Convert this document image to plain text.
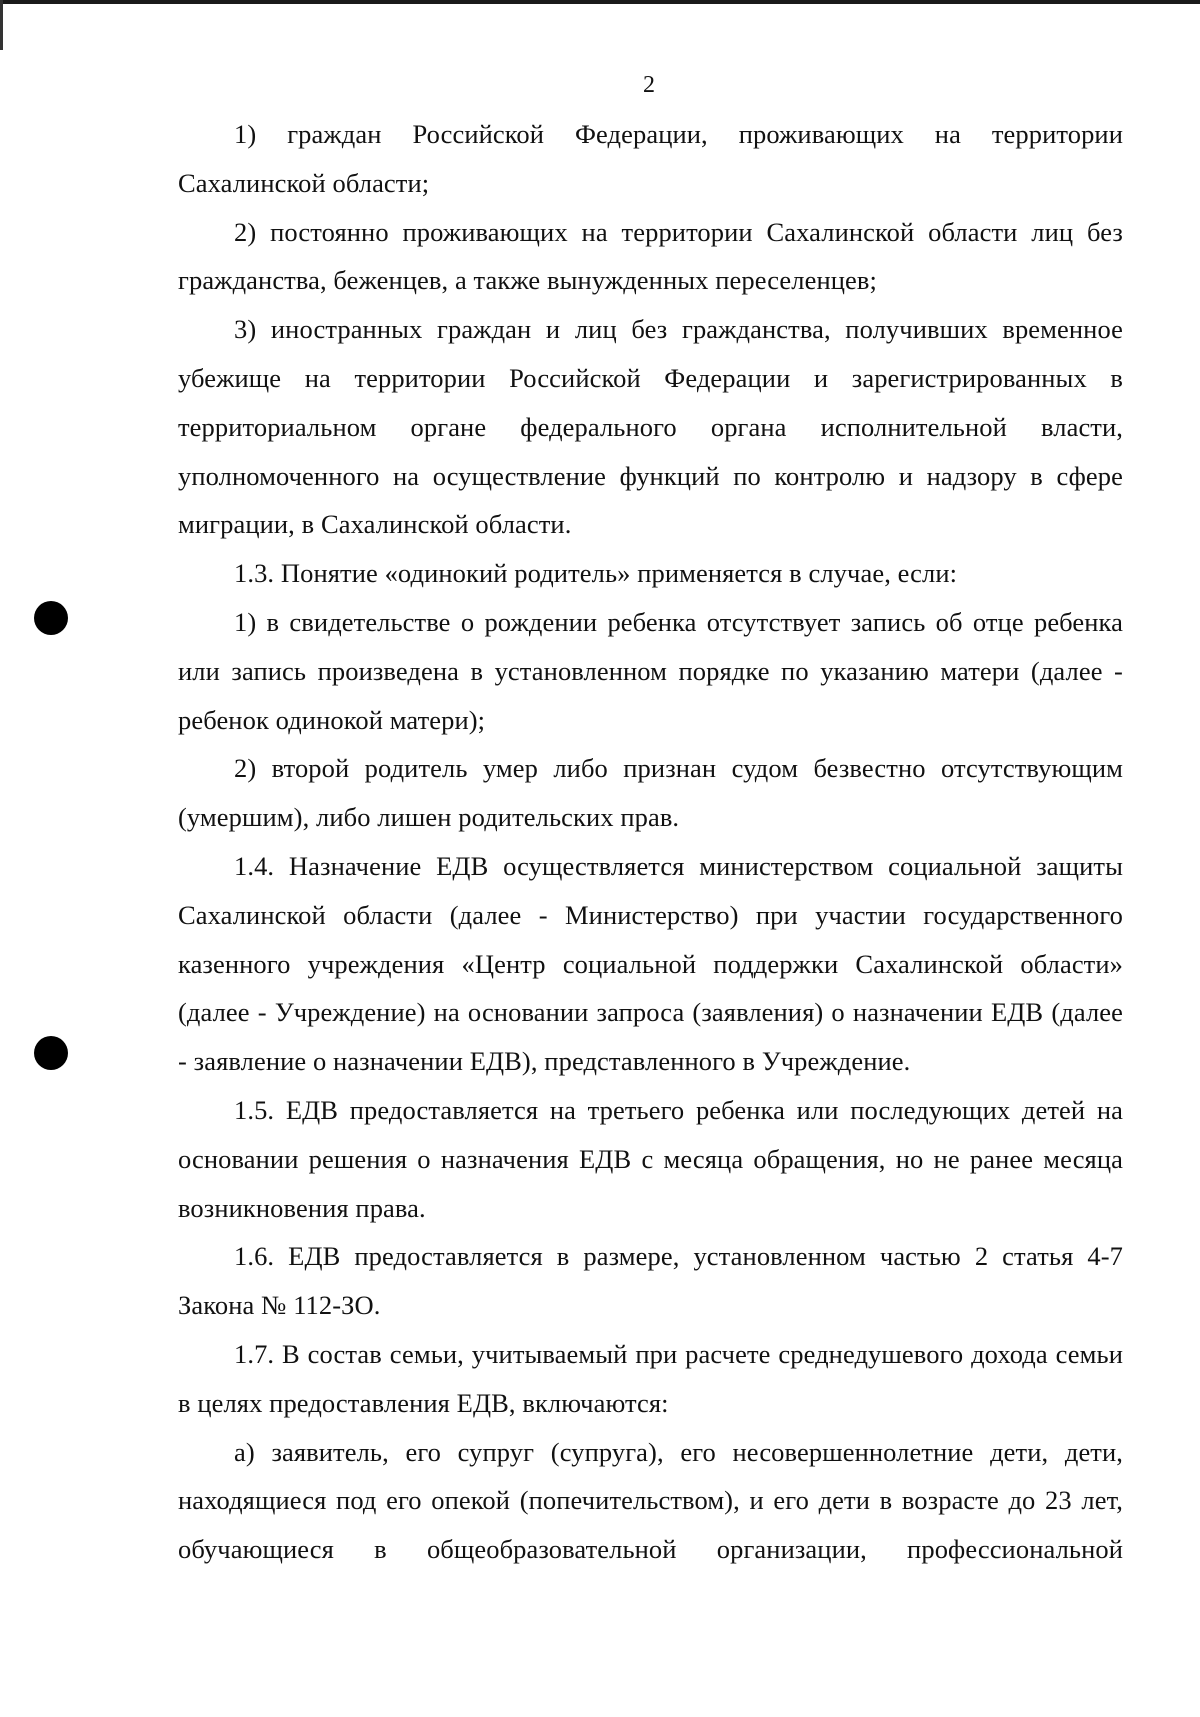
2

1) граждан Российской Федерации, проживающих на территории Сахалинской области;

2) постоянно проживающих на территории Сахалинской области лиц без гражданства, беженцев, а также вынужденных переселенцев;

3) иностранных граждан и лиц без гражданства, получивших временное убежище на территории Российской Федерации и зарегистрированных в территориальном органе федерального органа исполнительной власти, уполномоченного на осуществление функций по контролю и надзору в сфере миграции, в Сахалинской области.

1.3. Понятие «одинокий родитель» применяется в случае, если:

1) в свидетельстве о рождении ребенка отсутствует запись об отце ребенка или запись произведена в установленном порядке по указанию матери (далее - ребенок одинокой матери);

2) второй родитель умер либо признан судом безвестно отсутствующим (умершим), либо лишен родительских прав.

1.4. Назначение ЕДВ осуществляется министерством социальной защиты Сахалинской области (далее - Министерство) при участии государственного казенного учреждения «Центр социальной поддержки Сахалинской области» (далее - Учреждение) на основании запроса (заявления) о назначении ЕДВ (далее - заявление о назначении ЕДВ), представленного в Учреждение.

1.5. ЕДВ предоставляется на третьего ребенка или последующих детей на основании решения о назначения ЕДВ с месяца обращения, но не ранее месяца возникновения права.

1.6. ЕДВ предоставляется в размере, установленном частью 2 статья 4-7 Закона № 112-ЗО.

1.7. В состав семьи, учитываемый при расчете среднедушевого дохода семьи в целях предоставления ЕДВ, включаются:

а) заявитель, его супруг (супруга), его несовершеннолетние дети, дети, находящиеся под его опекой (попечительством), и его дети в возрасте до 23 лет, обучающиеся в общеобразовательной организации, профессиональной
